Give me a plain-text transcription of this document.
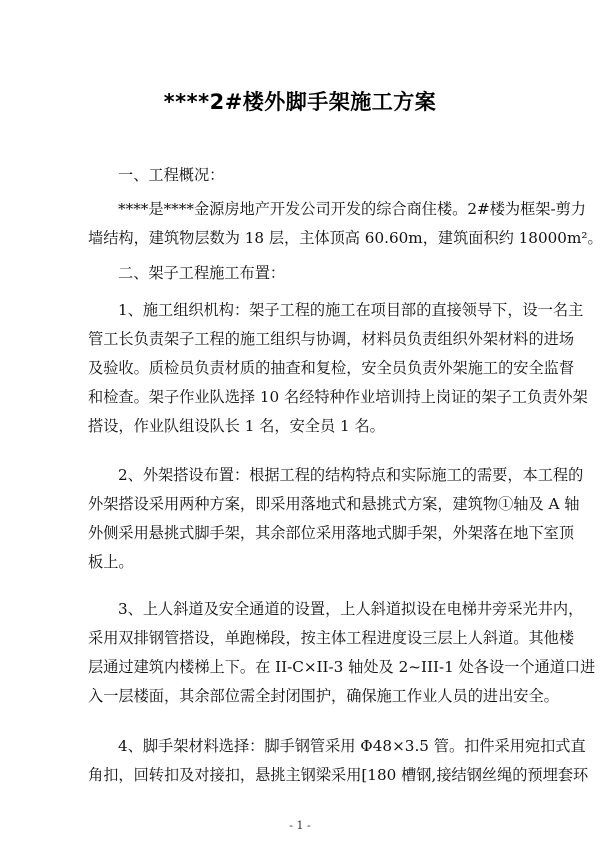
****2#楼外脚手架施工方案
一、工程概况：
****是****金源房地产开发公司开发的综合商住楼。2#楼为框架-剪力
墙结构，建筑物层数为 18 层，主体顶高 60.60m，建筑面积约 18000m²。
二、架子工程施工布置：
1、施工组织机构：架子工程的施工在项目部的直接领导下，设一名主
管工长负责架子工程的施工组织与协调，材料员负责组织外架材料的进场
及验收。质检员负责材质的抽查和复检，安全员负责外架施工的安全监督
和检查。架子作业队选择 10 名经特种作业培训持上岗证的架子工负责外架
搭设，作业队组设队长 1 名，安全员 1 名。
2、外架搭设布置：根据工程的结构特点和实际施工的需要，本工程的
外架搭设采用两种方案，即采用落地式和悬挑式方案，建筑物①轴及 A 轴
外侧采用悬挑式脚手架，其余部位采用落地式脚手架，外架落在地下室顶
板上。
3、上人斜道及安全通道的设置，上人斜道拟设在电梯井旁采光井内，
采用双排钢管搭设，单跑梯段，按主体工程进度设三层上人斜道。其他楼
层通过建筑内楼梯上下。在 II-C×II-3 轴处及 2~III-1 处各设一个通道口进
入一层楼面，其余部位需全封闭围护，确保施工作业人员的进出安全。
4、脚手架材料选择：脚手钢管采用 Φ48×3.5 管。扣件采用宛扣式直
角扣，回转扣及对接扣，悬挑主钢梁采用[180 槽钢,接结钢丝绳的预埋套环
- 1 -
